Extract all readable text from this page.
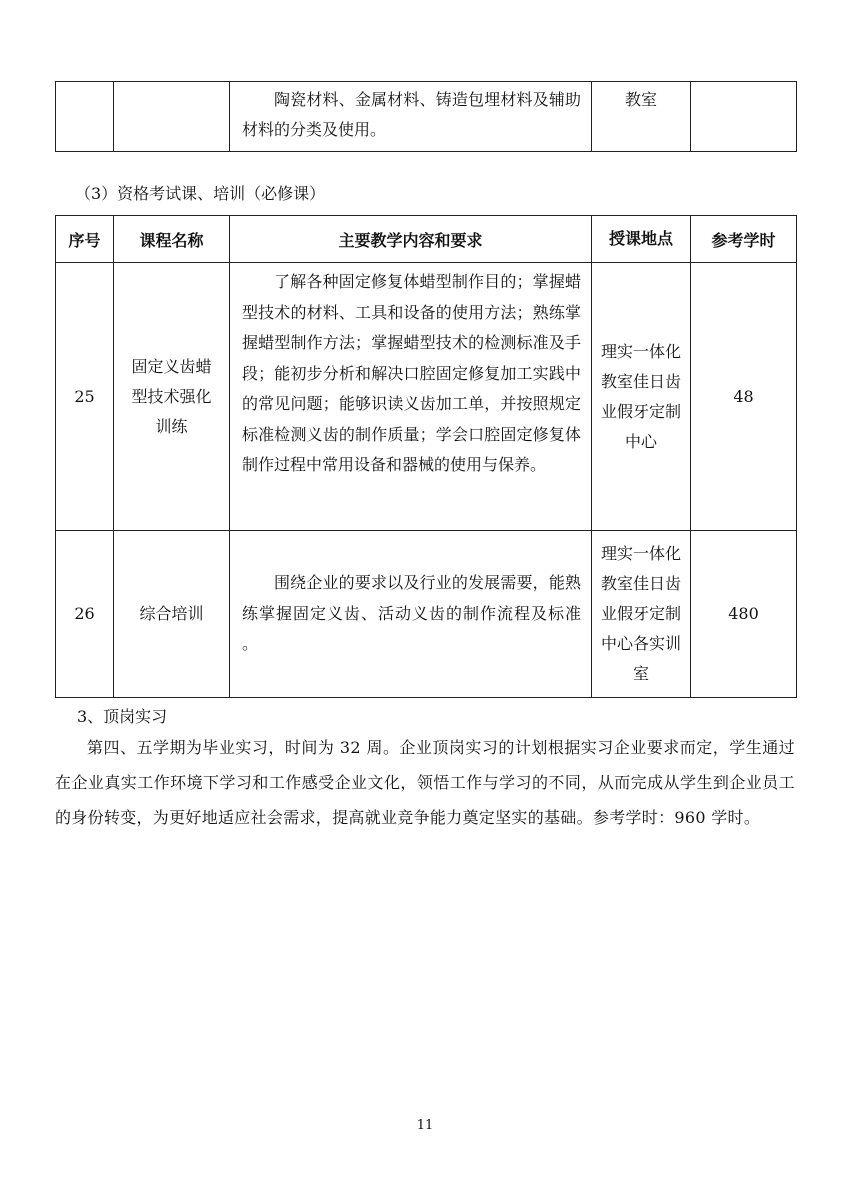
		陶瓷材料、金属材料、铸造包埋材料及辅助材料的分类及使用。	教室	
（3）资格考试课、培训（必修课）
序号	课程名称	主要教学内容和要求	授课地点	参考学时
25	固定义齿蜡型技术强化训练	了解各种固定修复体蜡型制作目的；掌握蜡型技术的材料、工具和设备的使用方法；熟练掌握蜡型制作方法；掌握蜡型技术的检测标准及手段；能初步分析和解决口腔固定修复加工实践中的常见问题；能够识读义齿加工单，并按照规定标准检测义齿的制作质量；学会口腔固定修复体制作过程中常用设备和器械的使用与保养。	理实一体化教室佳日齿业假牙定制中心	48
26	综合培训	围绕企业的要求以及行业的发展需要，能熟练掌握固定义齿、活动义齿的制作流程及标准 。	理实一体化教室佳日齿业假牙定制中心各实训室	480
3、顶岗实习
第四、五学期为毕业实习，时间为 32 周。企业顶岗实习的计划根据实习企业要求而定，学生通过在企业真实工作环境下学习和工作感受企业文化，领悟工作与学习的不同，从而完成从学生到企业员工的身份转变，为更好地适应社会需求，提高就业竞争能力奠定坚实的基础。参考学时：960 学时。
11
